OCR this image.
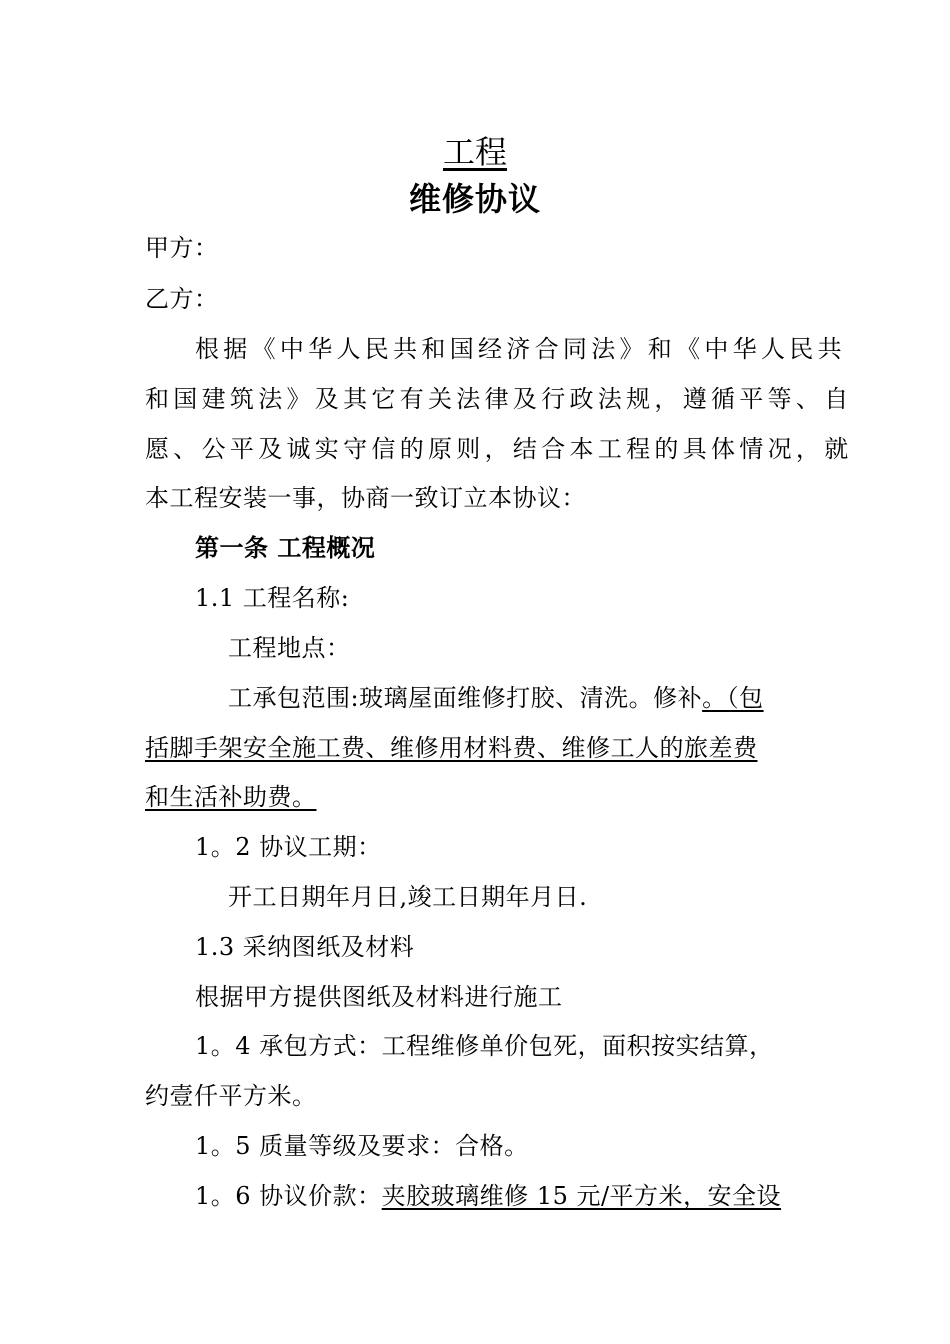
工程
维修协议
甲方：
乙方：
根据《中华人民共和国经济合同法》和《中华人民共
和国建筑法》及其它有关法律及行政法规，遵循平等、自
愿、公平及诚实守信的原则，结合本工程的具体情况，就
本工程安装一事，协商一致订立本协议：
第一条 工程概况
1.1 工程名称:
工程地点：
工承包范围:玻璃屋面维修打胶、清洗。修补。（包
括脚手架安全施工费、维修用材料费、维修工人的旅差费
和生活补助费。
1。2 协议工期：
开工日期年月日,竣工日期年月日.
1.3 采纳图纸及材料
根据甲方提供图纸及材料进行施工
1。4 承包方式：工程维修单价包死，面积按实结算，
约壹仟平方米。
1。5 质量等级及要求：合格。
1。6 协议价款：夹胶玻璃维修 15 元/平方米，安全设
